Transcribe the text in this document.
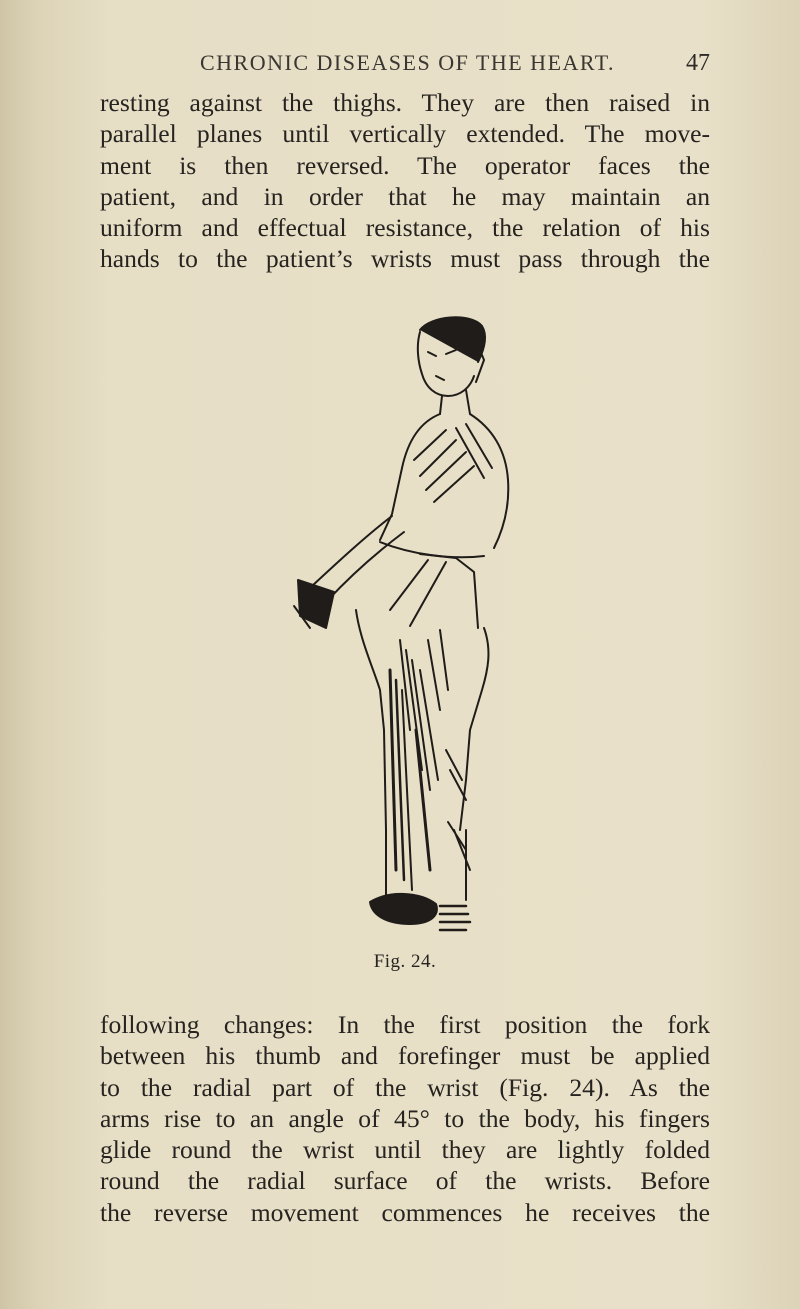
CHRONIC DISEASES OF THE HEART.	47
resting against the thighs. They are then raised in
parallel planes until vertically extended. The move-
ment is then reversed. The operator faces the
patient, and in order that he may maintain an
uniform and effectual resistance, the relation of his
hands to the patient’s wrists must pass through the
Fig. 24.
following changes: In the first position the fork
between his thumb and forefinger must be applied
to the radial part of the wrist (Fig. 24). As the
arms rise to an angle of 45° to the body, his fingers
glide round the wrist until they are lightly folded
round the radial surface of the wrists. Before
the reverse movement commences he receives the
